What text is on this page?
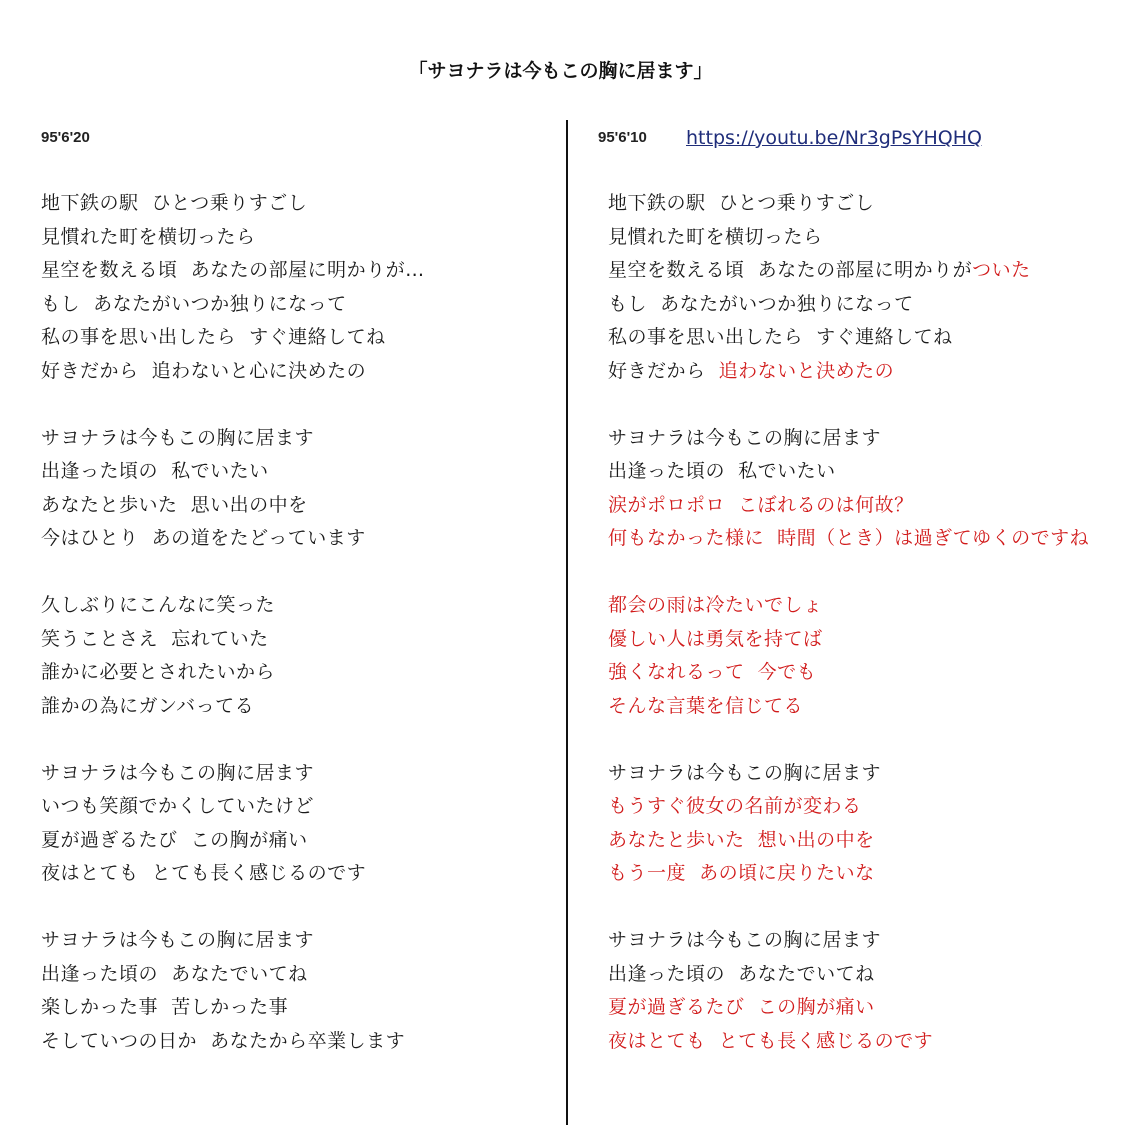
「サヨナラは今もこの胸に居ます」
95'6'20
地下鉄の駅  ひとつ乗りすごし
見慣れた町を横切ったら
星空を数える頃  あなたの部屋に明かりが…
もし  あなたがいつか独りになって
私の事を思い出したら  すぐ連絡してね
好きだから  追わないと心に決めたの
サヨナラは今もこの胸に居ます
出逢った頃の  私でいたい
あなたと歩いた  思い出の中を
今はひとり  あの道をたどっています
久しぶりにこんなに笑った
笑うことさえ  忘れていた
誰かに必要とされたいから
誰かの為にガンバってる
サヨナラは今もこの胸に居ます
いつも笑顔でかくしていたけど
夏が過ぎるたび  この胸が痛い
夜はとても  とても長く感じるのです
サヨナラは今もこの胸に居ます
出逢った頃の  あなたでいてね
楽しかった事  苦しかった事
そしていつの日か  あなたから卒業します
95'6'10 https://youtu.be/Nr3gPsYHQHQ
地下鉄の駅  ひとつ乗りすごし
見慣れた町を横切ったら
星空を数える頃  あなたの部屋に明かりがついた
もし  あなたがいつか独りになって
私の事を思い出したら  すぐ連絡してね
好きだから  追わないと決めたの
サヨナラは今もこの胸に居ます
出逢った頃の  私でいたい
涙がポロポロ  こぼれるのは何故？
何もなかった様に  時間（とき）は過ぎてゆくのですね
都会の雨は冷たいでしょ
優しい人は勇気を持てば
強くなれるって  今でも
そんな言葉を信じてる
サヨナラは今もこの胸に居ます
もうすぐ彼女の名前が変わる
あなたと歩いた  想い出の中を
もう一度  あの頃に戻りたいな
サヨナラは今もこの胸に居ます
出逢った頃の  あなたでいてね
夏が過ぎるたび  この胸が痛い
夜はとても  とても長く感じるのです
